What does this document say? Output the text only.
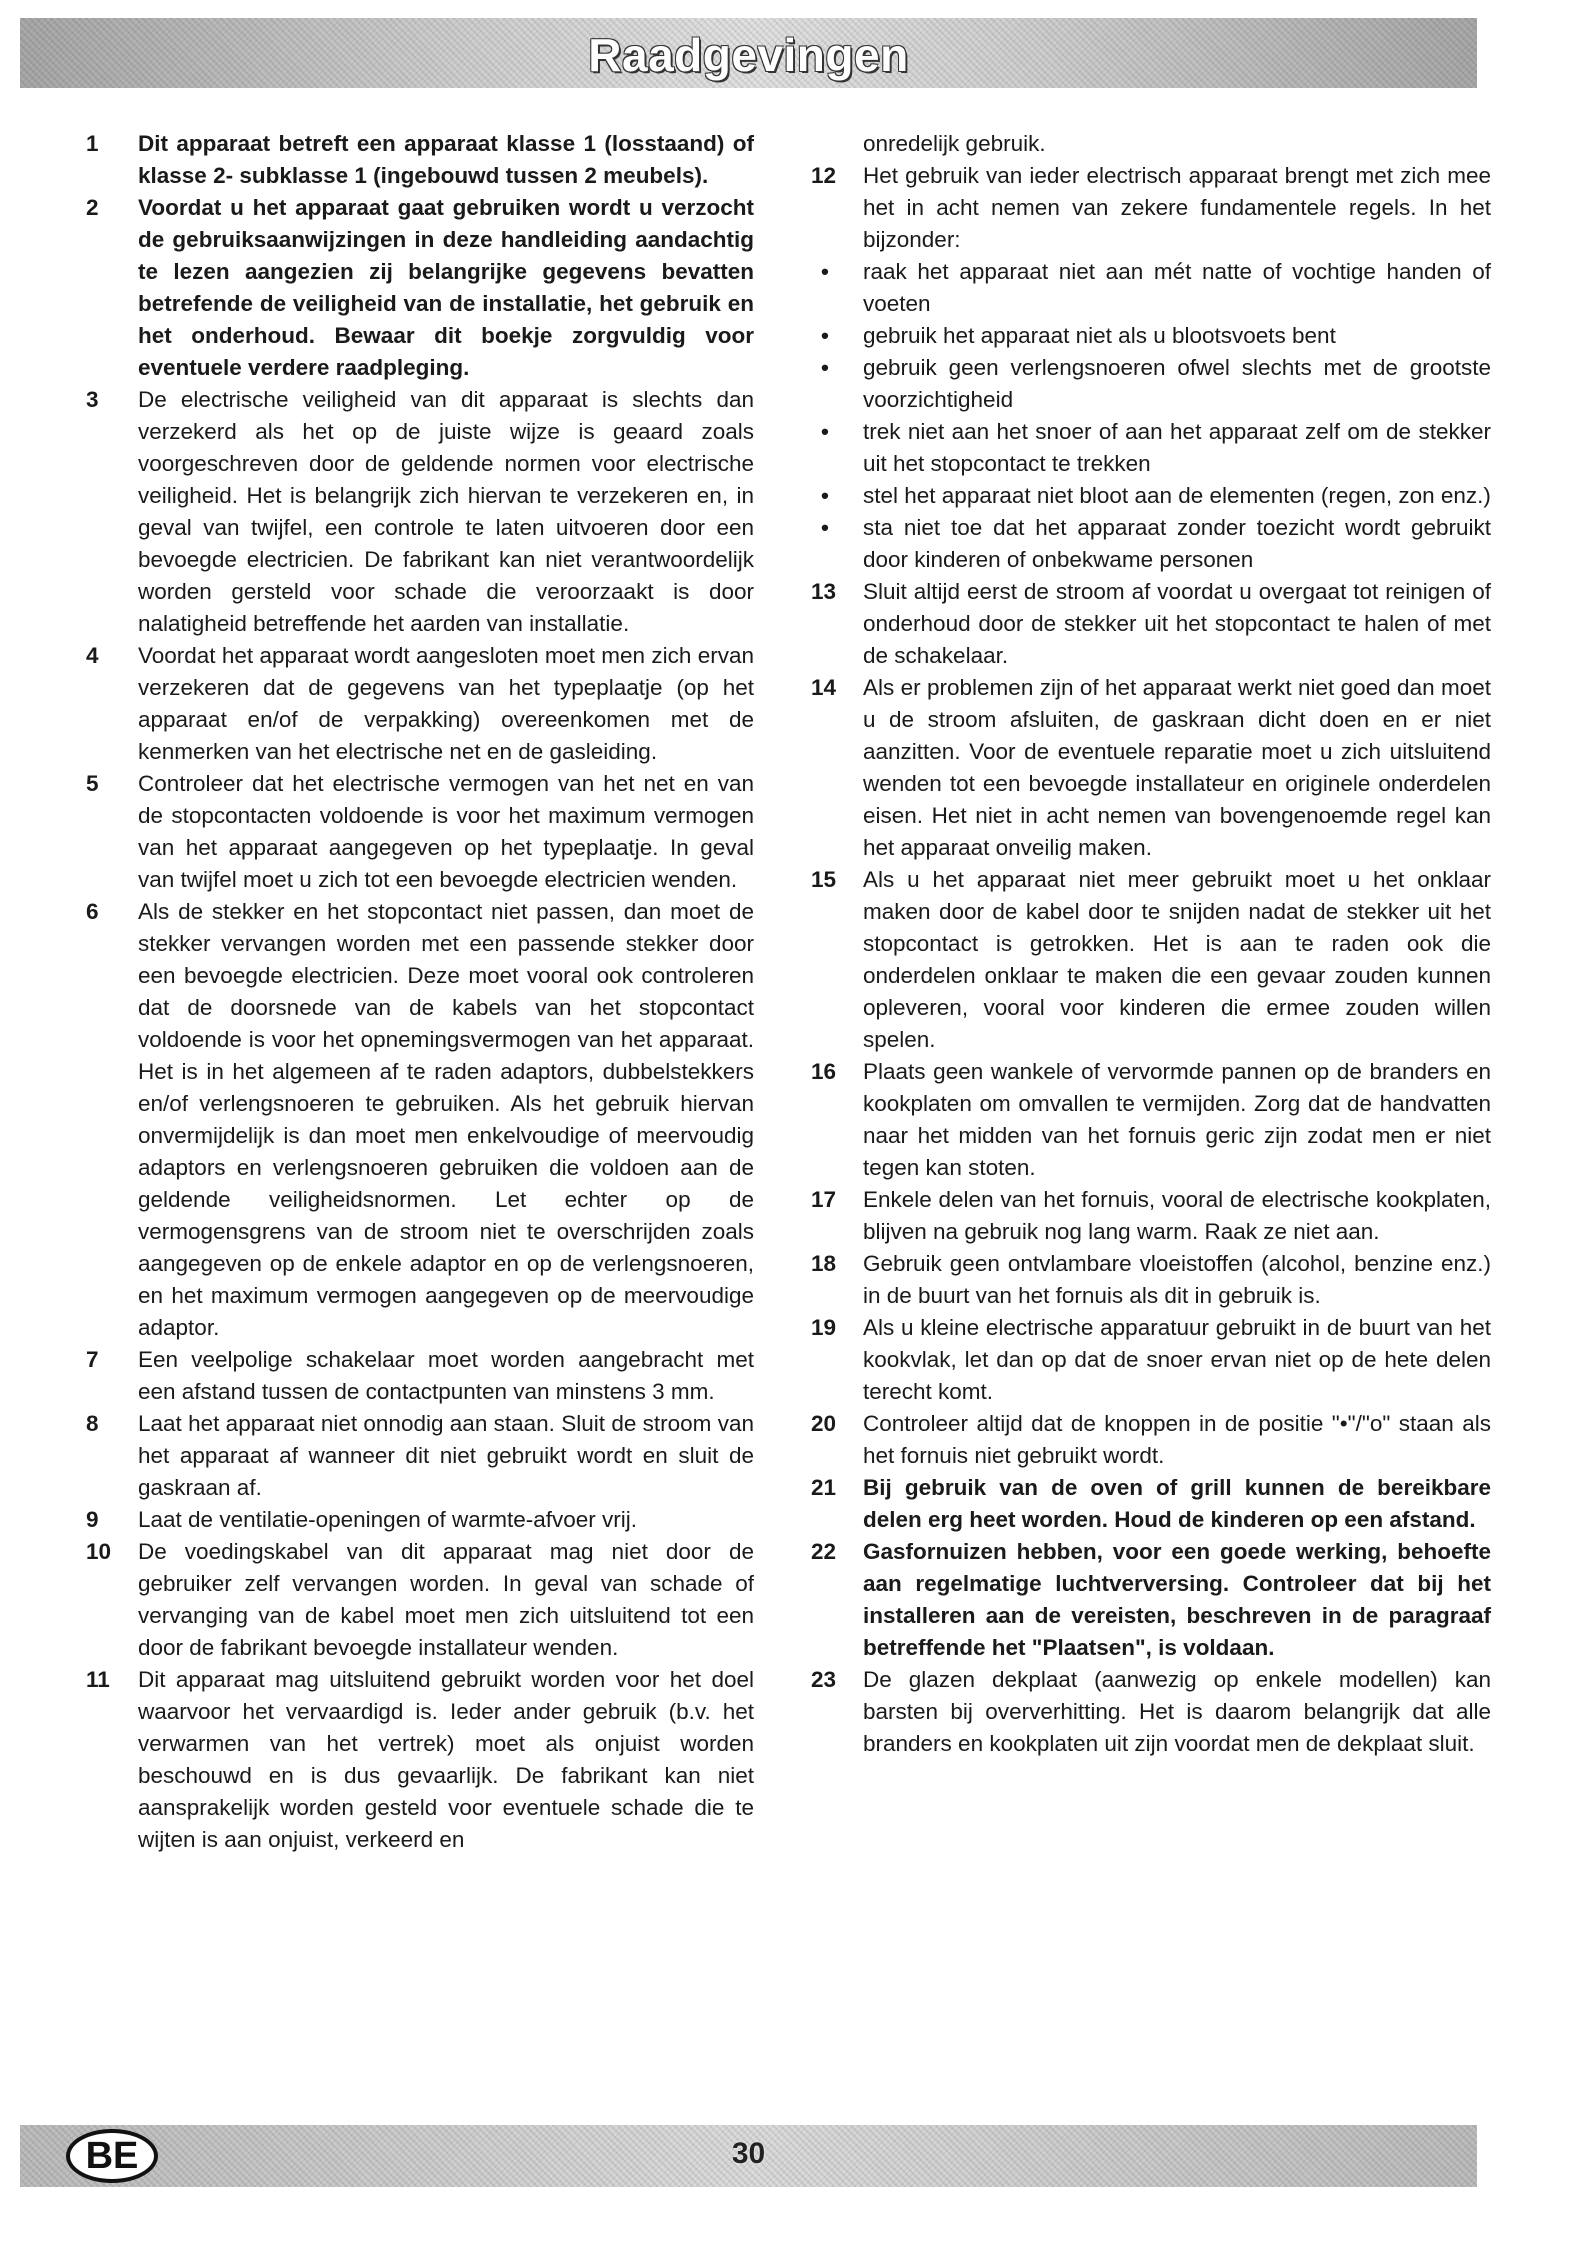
Raadgevingen
1	Dit apparaat betreft een apparaat klasse 1 (losstaand) of klasse 2- subklasse 1 (ingebouwd tussen 2 meubels).
2	Voordat u het apparaat gaat gebruiken wordt u verzocht de gebruiksaanwijzingen in deze handleiding aandachtig te lezen aangezien zij belangrijke gegevens bevatten betrefende de veiligheid van de installatie, het gebruik en het onderhoud. Bewaar dit boekje zorgvuldig voor eventuele verdere raadpleging.
3	De electrische veiligheid van dit apparaat is slechts dan verzekerd als het op de juiste wijze is geaard zoals voorgeschreven door de geldende normen voor electrische veiligheid. Het is belangrijk zich hiervan te verzekeren en, in geval van twijfel, een controle te laten uitvoeren door een bevoegde electricien. De fabrikant kan niet verantwoordelijk worden gersteld voor schade die veroorzaakt is door nalatigheid betreffende het aarden van installatie.
4	Voordat het apparaat wordt aangesloten moet men zich ervan verzekeren dat de gegevens van het typeplaatje (op het apparaat en/of de verpakking) overeenkomen met de kenmerken van het electrische net en de gasleiding.
5	Controleer dat het electrische vermogen van het net en van de stopcontacten voldoende is voor het maximum vermogen van het apparaat aangegeven op het typeplaatje. In geval van twijfel moet u zich tot een bevoegde electricien wenden.
6	Als de stekker en het stopcontact niet passen, dan moet de stekker vervangen worden met een passende stekker door een bevoegde electricien. Deze moet vooral ook controleren dat de doorsnede van de kabels van het stopcontact voldoende is voor het opnemingsvermogen van het apparaat. Het is in het algemeen af te raden adaptors, dubbelstekkers en/of verlengsnoeren te gebruiken. Als het gebruik hiervan onvermijdelijk is dan moet men enkelvoudige of meervoudig adaptors en verlengsnoeren gebruiken die voldoen aan de geldende veiligheidsnormen. Let echter op de vermogensgrens van de stroom niet te overschrijden zoals aangegeven op de enkele adaptor en op de verlengsnoeren, en het maximum vermogen aangegeven op de meervoudige adaptor.
7	Een veelpolige schakelaar moet worden aangebracht met een afstand tussen de contactpunten van minstens 3 mm.
8	Laat het apparaat niet onnodig aan staan. Sluit de stroom van het apparaat af wanneer dit niet gebruikt wordt en sluit de gaskraan af.
9	Laat de ventilatie-openingen of warmte-afvoer vrij.
10	De voedingskabel van dit apparaat mag niet door de gebruiker zelf vervangen worden. In geval van schade of vervanging van de kabel moet men zich uitsluitend tot een door de fabrikant bevoegde installateur wenden.
11	Dit apparaat mag uitsluitend gebruikt worden voor het doel waarvoor het vervaardigd is. Ieder ander gebruik (b.v. het verwarmen van het vertrek) moet als onjuist worden beschouwd en is dus gevaarlijk. De fabrikant kan niet aansprakelijk worden gesteld voor eventuele schade die te wijten is aan onjuist, verkeerd en
onredelijk gebruik.
12	Het gebruik van ieder electrisch apparaat brengt met zich mee het in acht nemen van zekere fundamentele regels. In het bijzonder:
• raak het apparaat niet aan mét natte of vochtige handen of voeten
• gebruik het apparaat niet als u blootsvoets bent
• gebruik geen verlengsnoeren ofwel slechts met de grootste voorzichtigheid
• trek niet aan het snoer of aan het apparaat zelf om de stekker uit het stopcontact te trekken
• stel het apparaat niet bloot aan de elementen (regen, zon enz.)
• sta niet toe dat het apparaat zonder toezicht wordt gebruikt door kinderen of onbekwame personen
13	Sluit altijd eerst de stroom af voordat u overgaat tot reinigen of onderhoud door de stekker uit het stopcontact te halen of met de schakelaar.
14	Als er problemen zijn of het apparaat werkt niet goed dan moet u de stroom afsluiten, de gaskraan dicht doen en er niet aanzitten. Voor de eventuele reparatie moet u zich uitsluitend wenden tot een bevoegde installateur en originele onderdelen eisen. Het niet in acht nemen van bovengenoemde regel kan het apparaat onveilig maken.
15	Als u het apparaat niet meer gebruikt moet u het onklaar maken door de kabel door te snijden nadat de stekker uit het stopcontact is getrokken. Het is aan te raden ook die onderdelen onklaar te maken die een gevaar zouden kunnen opleveren, vooral voor kinderen die ermee zouden willen spelen.
16	Plaats geen wankele of vervormde pannen op de branders en kookplaten om omvallen te vermijden. Zorg dat de handvatten naar het midden van het fornuis geric zijn zodat men er niet tegen kan stoten.
17	Enkele delen van het fornuis, vooral de electrische kookplaten, blijven na gebruik nog lang warm. Raak ze niet aan.
18	Gebruik geen ontvlambare vloeistoffen (alcohol, benzine enz.) in de buurt van het fornuis als dit in gebruik is.
19	Als u kleine electrische apparatuur gebruikt in de buurt van het kookvlak, let dan op dat de snoer ervan niet op de hete delen terecht komt.
20	Controleer altijd dat de knoppen in de positie "•"/"o" staan als het fornuis niet gebruikt wordt.
21	Bij gebruik van de oven of grill kunnen de bereikbare delen erg heet worden. Houd de kinderen op een afstand.
22	Gasfornuizen hebben, voor een goede werking, behoefte aan regelmatige luchtverversing. Controleer dat bij het installeren aan de vereisten, beschreven in de paragraaf betreffende het "Plaatsen", is voldaan.
23	De glazen dekplaat (aanwezig op enkele modellen) kan barsten bij oververhitting. Het is daarom belangrijk dat alle branders en kookplaten uit zijn voordat men de dekplaat sluit.
BE	30
